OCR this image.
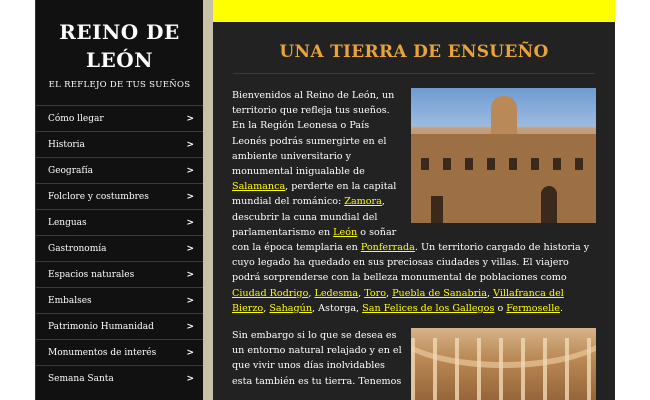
REINO DE
LEÓN
EL REFLEJO DE TUS SUEÑOS
Cómo llegar	>
Historia	>
Geografía	>
Folclore y costumbres	>
Lenguas	>
Gastronomía	>
Espacios naturales	>
Embalses	>
Patrimonio Humanidad	>
Monumentos de interés	>
Semana Santa	>
UNA TIERRA DE ENSUEÑO

Bienvenidos al Reino de León, un territorio que refleja tus sueños. En la Región Leonesa o País Leonés podrás sumergirte en el ambiente universitario y monumental inigualable de Salamanca, perderte en la capital mundial del románico: Zamora, descubrir la cuna mundial del parlamentarismo en León o soñar con la época templaria en Ponferrada. Un territorio cargado de historia y cuyo legado ha quedado en sus preciosas ciudades y villas. El viajero podrá sorprenderse con la belleza monumental de poblaciones como Ciudad Rodrigo, Ledesma, Toro, Puebla de Sanabria, Villafranca del Bierzo, Sahagún, Astorga, San Felices de los Gallegos o Fermoselle.

Sin embargo si lo que se desea es un entorno natural relajado y en el que vivir unos días inolvidables esta también es tu tierra. Tenemos
